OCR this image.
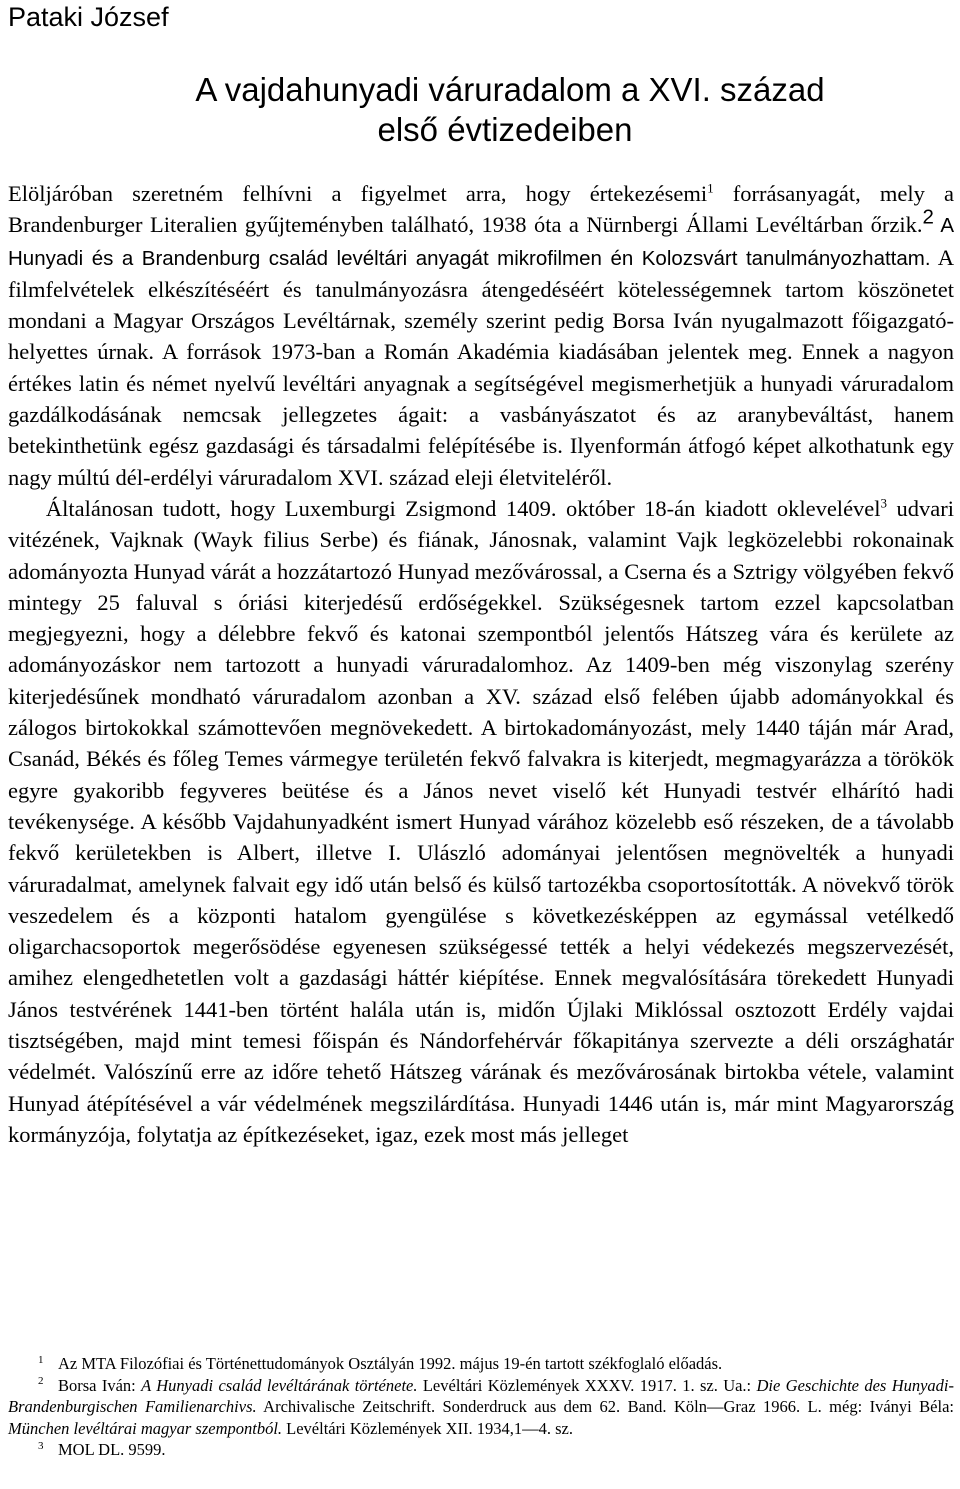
Pataki József
A vajdahunyadi váruradalom a XVI. század
első évtizedeiben

Elöljáróban szeretném felhívni a figyelmet arra, hogy értekezésemi$^1$ forrásanyagát, mely a Brandenburger Literalien gyűjteményben található, 1938 óta a Nürnbergi Állami Levéltárban őrzik.$^2$ A Hunyadi és a Brandenburg család levéltári anyagát mikrofilmen én Kolozsvárt tanulmányozhattam. A filmfelvételek elkészítéséért és tanulmányozásra átengedéséért kötelességemnek tartom köszönetet mondani a Magyar Országos Levéltárnak, személy szerint pedig Borsa Iván nyugalmazott főigazgató-helyettes úrnak. A források 1973-ban a Román Akadémia kiadásában jelentek meg. Ennek a nagyon értékes latin és német nyelvű levéltári anyagnak a segítségével megismerhetjük a hunyadi váruradalom gazdálkodásának nemcsak jellegzetes ágait: a vasbányászatot és az aranybeváltást, hanem betekinthetünk egész gazdasági és társadalmi felépítésébe is. Ilyenformán átfogó képet alkothatunk egy nagy múltú dél-erdélyi váruradalom XVI. század eleji életviteléről.

Általánosan tudott, hogy Luxemburgi Zsigmond 1409. október 18-án kiadott oklevelével$^3$ udvari vitézének, Vajknak (Wayk filius Serbe) és fiának, Jánosnak, valamint Vajk legközelebbi rokonainak adományozta Hunyad várát a hozzátartozó Hunyad mezővárossal, a Cserna és a Sztrigy völgyében fekvő mintegy 25 faluval s óriási kiterjedésű erdőségekkel. Szükségesnek tartom ezzel kapcsolatban megjegyezni, hogy a délebbre fekvő és katonai szempontból jelentős Hátszeg vára és kerülete az adományozáskor nem tartozott a hunyadi váruradalomhoz. Az 1409-ben még viszonylag szerény kiterjedésűnek mondható váruradalom azonban a XV. század első felében újabb adományokkal és zálogos birtokokkal számottevően megnövekedett. A birtokadományozást, mely 1440 táján már Arad, Csanád, Békés és főleg Temes vármegye területén fekvő falvakra is kiterjedt, megmagyarázza a törökök egyre gyakoribb fegyveres beütése és a János nevet viselő két Hunyadi testvér elhárító hadi tevékenysége. A később Vajdahunyadként ismert Hunyad várához közelebb eső részeken, de a távolabb fekvő kerületekben is Albert, illetve I. Ulászló adományai jelentősen megnövelték a hunyadi váruradalmat, amelynek falvait egy idő után belső és külső tartozékba csoportosították. A növekvő török veszedelem és a központi hatalom gyengülése s következésképpen az egymással vetélkedő oligarchacsoportok megerősödése egyenesen szükségessé tették a helyi védekezés megszervezését, amihez elengedhetetlen volt a gazdasági háttér kiépítése. Ennek megvalósítására törekedett Hunyadi János testvérének 1441-ben történt halála után is, midőn Újlaki Miklóssal osztozott Erdély vajdai tisztségében, majd mint temesi főispán és Nándorfehérvár főkapitánya szervezte a déli országhatár védelmét. Valószínű erre az időre tehető Hátszeg várának és mezővárosának birtokba vétele, valamint Hunyad átépítésével a vár védelmének megszilárdítása. Hunyadi 1446 után is, már mint Magyarország kormányzója, folytatja az építkezéseket, igaz, ezek most más jelleget

1 Az MTA Filozófiai és Történettudományok Osztályán 1992. május 19-én tartott székfoglaló előadás.

2 Borsa Iván: A Hunyadi család levéltárának története. Levéltári Közlemények XXXV. 1917. 1. sz. Ua.: Die Geschichte des Hunyadi-Brandenburgischen Familienarchivs. Archivalische Zeitschrift. Sonderdruck aus dem 62. Band. Köln—Graz 1966. L. még: Iványi Béla: München levéltárai magyar szempontból. Levéltári Közlemények XII. 1934,1—4. sz.

3 MOL DL. 9599.
